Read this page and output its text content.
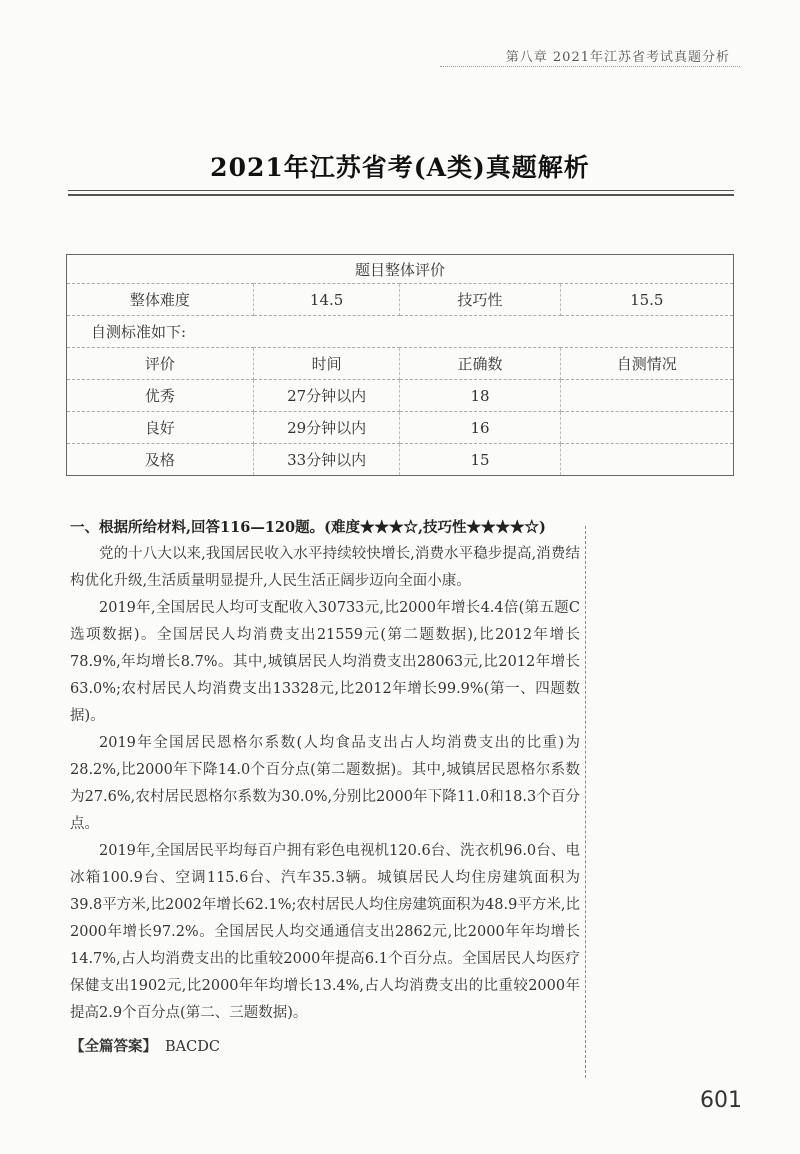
第八章 2021年江苏省考试真题分析
2021年江苏省考(A类)真题解析
题目整体评价			
整体难度	14.5	技巧性	15.5
自测标准如下:			
评价	时间	正确数	自测情况
优秀	27分钟以内	18	
良好	29分钟以内	16	
及格	33分钟以内	15	
一、根据所给材料,回答116—120题。(难度★★★☆,技巧性★★★★☆)

党的十八大以来,我国居民收入水平持续较快增长,消费水平稳步提高,消费结构优化升级,生活质量明显提升,人民生活正阔步迈向全面小康。

2019年,全国居民人均可支配收入30733元,比2000年增长4.4倍(第五题C选项数据)。全国居民人均消费支出21559元(第二题数据),比2012年增长78.9%,年均增长8.7%。其中,城镇居民人均消费支出28063元,比2012年增长63.0%;农村居民人均消费支出13328元,比2012年增长99.9%(第一、四题数据)。

2019年全国居民恩格尔系数(人均食品支出占人均消费支出的比重)为28.2%,比2000年下降14.0个百分点(第二题数据)。其中,城镇居民恩格尔系数为27.6%,农村居民恩格尔系数为30.0%,分别比2000年下降11.0和18.3个百分点。

2019年,全国居民平均每百户拥有彩色电视机120.6台、洗衣机96.0台、电冰箱100.9台、空调115.6台、汽车35.3辆。城镇居民人均住房建筑面积为39.8平方米,比2002年增长62.1%;农村居民人均住房建筑面积为48.9平方米,比2000年增长97.2%。全国居民人均交通通信支出2862元,比2000年年均增长14.7%,占人均消费支出的比重较2000年提高6.1个百分点。全国居民人均医疗保健支出1902元,比2000年年均增长13.4%,占人均消费支出的比重较2000年提高2.9个百分点(第二、三题数据)。

【全篇答案】 BACDC
601
